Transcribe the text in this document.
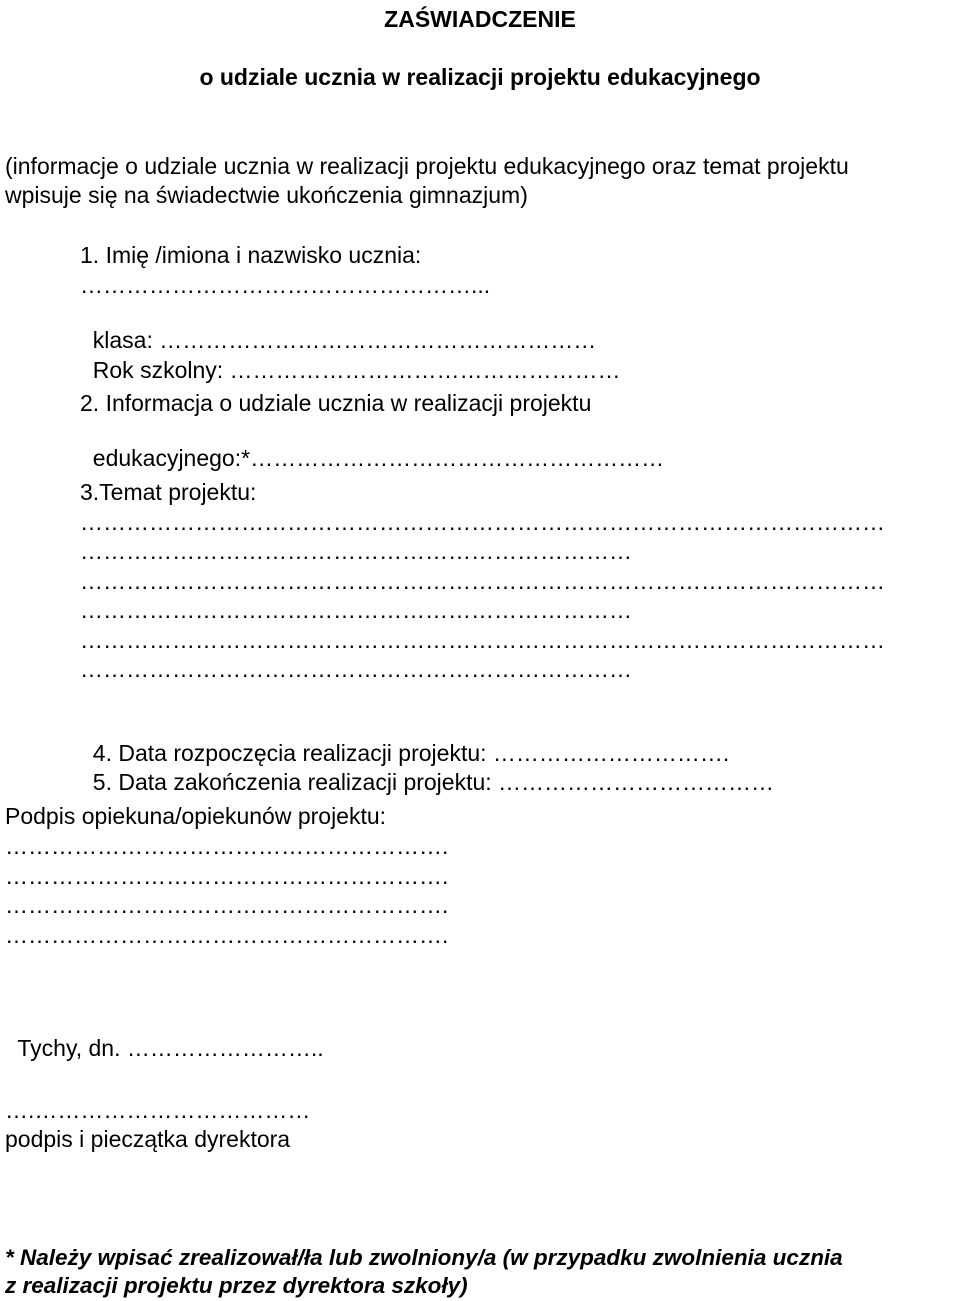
ZAŚWIADCZENIE
o udziale ucznia w realizacji projektu edukacyjnego
(informacje o udziale ucznia w realizacji projektu edukacyjnego oraz temat projektu
wpisuje się na świadectwie ukończenia gimnazjum)
1. Imię /imiona i nazwisko ucznia:
……………………………………………...

klasa: …………………………………………………

Rok szkolny: ……………………………………………

2. Informacja o udziale ucznia w realizacji projektu

edukacyjnego:*………………………………………………

3.Temat projektu:
……………………………………………………………………………………………
………………………………………………………………
……………………………………………………………………………………………
………………………………………………………………
……………………………………………………………………………………………
………………………………………………………………

4. Data rozpoczęcia realizacji projektu: ………………………….

5. Data zakończenia realizacji projektu: ………………………………

Podpis opiekuna/opiekunów projektu:
………………………………………………….
………………………………………………….
………………………………………………….
………………………………………………….

Tychy, dn. ……………………..

….………………………………
podpis i pieczątka dyrektora
* Należy wpisać zrealizował/ła lub zwolniony/a (w przypadku zwolnienia ucznia
z realizacji projektu przez dyrektora szkoły)
